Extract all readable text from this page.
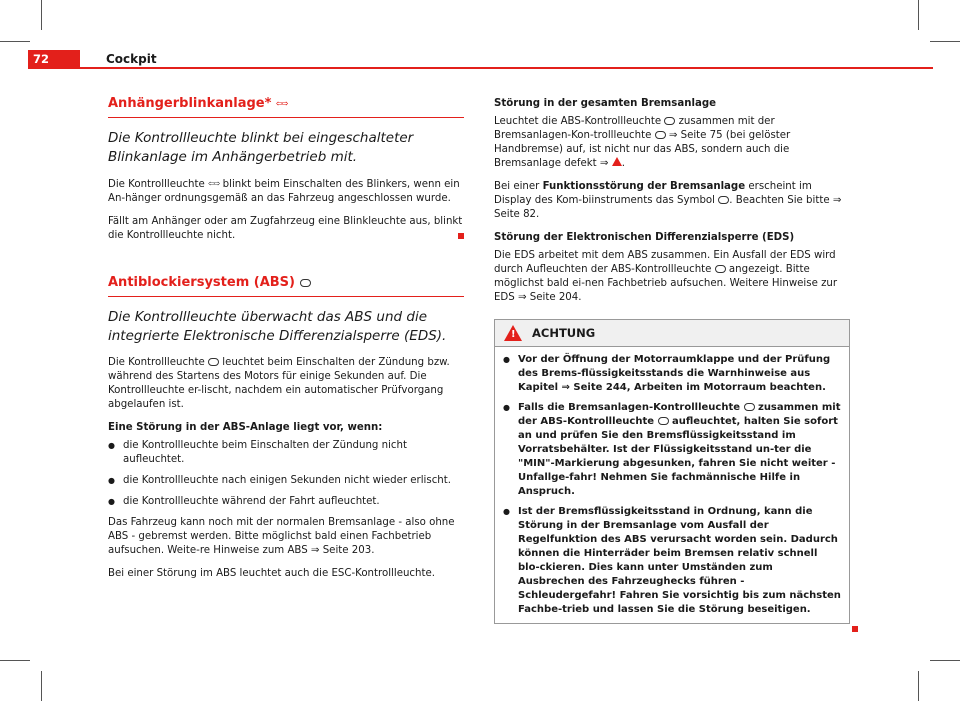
72	Cockpit
Anhängerblinkanlage* ⇦⇨
Die Kontrollleuchte blinkt bei eingeschalteter Blinkanlage im Anhängerbetrieb mit.
Die Kontrollleuchte ⇦⇨ blinkt beim Einschalten des Blinkers, wenn ein An-hänger ordnungsgemäß an das Fahrzeug angeschlossen wurde.
Fällt am Anhänger oder am Zugfahrzeug eine Blinkleuchte aus, blinkt die Kontrollleuchte nicht.
Antiblockiersystem (ABS)
Die Kontrollleuchte überwacht das ABS und die integrierte Elektronische Differenzialsperre (EDS).
Die Kontrollleuchte  leuchtet beim Einschalten der Zündung bzw. während des Startens des Motors für einige Sekunden auf. Die Kontrollleuchte er-lischt, nachdem ein automatischer Prüfvorgang abgelaufen ist.
Eine Störung in der ABS-Anlage liegt vor, wenn:
● die Kontrollleuchte beim Einschalten der Zündung nicht aufleuchtet.
● die Kontrollleuchte nach einigen Sekunden nicht wieder erlischt.
● die Kontrollleuchte während der Fahrt aufleuchtet.
Das Fahrzeug kann noch mit der normalen Bremsanlage - also ohne ABS - gebremst werden. Bitte möglichst bald einen Fachbetrieb aufsuchen. Weite-re Hinweise zum ABS ⇒ Seite 203.
Bei einer Störung im ABS leuchtet auch die ESC-Kontrollleuchte.
Störung in der gesamten Bremsanlage
Leuchtet die ABS-Kontrollleuchte  zusammen mit der Bremsanlagen-Kon-trollleuchte  ⇒ Seite 75 (bei gelöster Handbremse) auf, ist nicht nur das ABS, sondern auch die Bremsanlage defekt ⇒ .
Bei einer Funktionsstörung der Bremsanlage erscheint im Display des Kom-biinstruments das Symbol . Beachten Sie bitte ⇒ Seite 82.
Störung der Elektronischen Differenzialsperre (EDS)
Die EDS arbeitet mit dem ABS zusammen. Ein Ausfall der EDS wird durch Aufleuchten der ABS-Kontrollleuchte  angezeigt. Bitte möglichst bald ei-nen Fachbetrieb aufsuchen. Weitere Hinweise zur EDS ⇒ Seite 204.
!
ACHTUNG
● Vor der Öffnung der Motorraumklappe und der Prüfung des Brems-flüssigkeitsstands die Warnhinweise aus Kapitel ⇒ Seite 244, Arbeiten im Motorraum beachten.
● Falls die Bremsanlagen-Kontrollleuchte  zusammen mit der ABS-Kontrollleuchte  aufleuchtet, halten Sie sofort an und prüfen Sie den Bremsflüssigkeitsstand im Vorratsbehälter. Ist der Flüssigkeitsstand un-ter die "MIN"-Markierung abgesunken, fahren Sie nicht weiter - Unfallge-fahr! Nehmen Sie fachmännische Hilfe in Anspruch.
● Ist der Bremsflüssigkeitsstand in Ordnung, kann die Störung in der Bremsanlage vom Ausfall der Regelfunktion des ABS verursacht worden sein. Dadurch können die Hinterräder beim Bremsen relativ schnell blo-ckieren. Dies kann unter Umständen zum Ausbrechen des Fahrzeughecks führen - Schleudergefahr! Fahren Sie vorsichtig bis zum nächsten Fachbe-trieb und lassen Sie die Störung beseitigen.
